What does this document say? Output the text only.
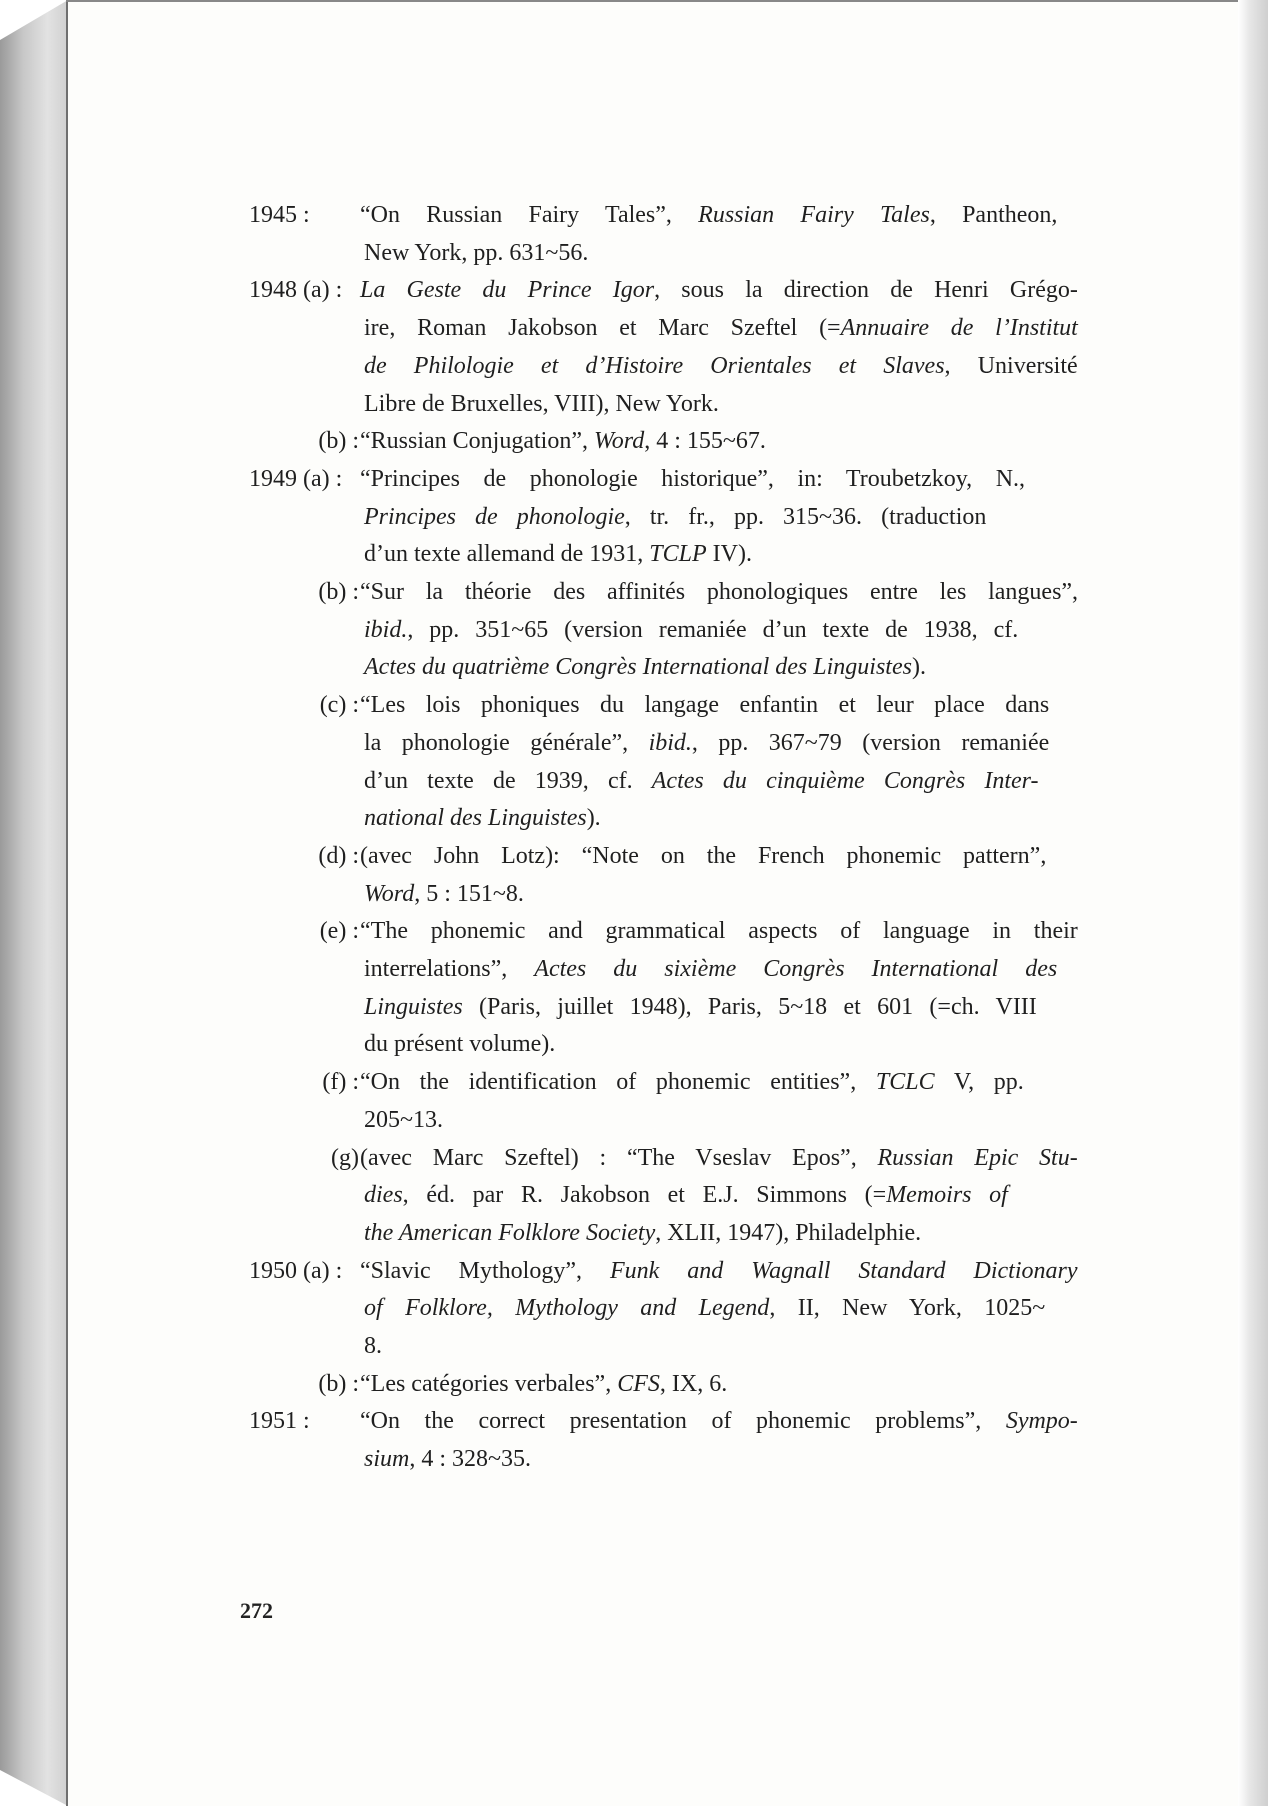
1945 : “On Russian Fairy Tales”, Russian Fairy Tales, Pantheon,
New York, pp. 631~56.
1948 (a) : La Geste du Prince Igor, sous la direction de Henri Grégo-
ire, Roman Jakobson et Marc Szeftel (=Annuaire de l’Institut
de Philologie et d’Histoire Orientales et Slaves, Université
Libre de Bruxelles, VIII), New York.
(b) : “Russian Conjugation”, Word, 4 : 155~67.
1949 (a) : “Principes de phonologie historique”, in: Troubetzkoy, N.,
Principes de phonologie, tr. fr., pp. 315~36. (traduction
d’un texte allemand de 1931, TCLP IV).
(b) : “Sur la théorie des affinités phonologiques entre les langues”,
ibid., pp. 351~65 (version remaniée d’un texte de 1938, cf.
Actes du quatrième Congrès International des Linguistes).
(c) : “Les lois phoniques du langage enfantin et leur place dans
la phonologie générale”, ibid., pp. 367~79 (version remaniée
d’un texte de 1939, cf. Actes du cinquième Congrès Inter-
national des Linguistes).
(d) : (avec John Lotz): “Note on the French phonemic pattern”,
Word, 5 : 151~8.
(e) : “The phonemic and grammatical aspects of language in their
interrelations”, Actes du sixième Congrès International des
Linguistes (Paris, juillet 1948), Paris, 5~18 et 601 (=ch. VIII
du présent volume).
(f) : “On the identification of phonemic entities”, TCLC V, pp.
205~13.
(g) (avec Marc Szeftel) : “The Vseslav Epos”, Russian Epic Stu-
dies, éd. par R. Jakobson et E.J. Simmons (=Memoirs of
the American Folklore Society, XLII, 1947), Philadelphie.
1950 (a) : “Slavic Mythology”, Funk and Wagnall Standard Dictionary
of Folklore, Mythology and Legend, II, New York, 1025~
8.
(b) : “Les catégories verbales”, CFS, IX, 6.
1951 : “On the correct presentation of phonemic problems”, Sympo-
sium, 4 : 328~35.
272
